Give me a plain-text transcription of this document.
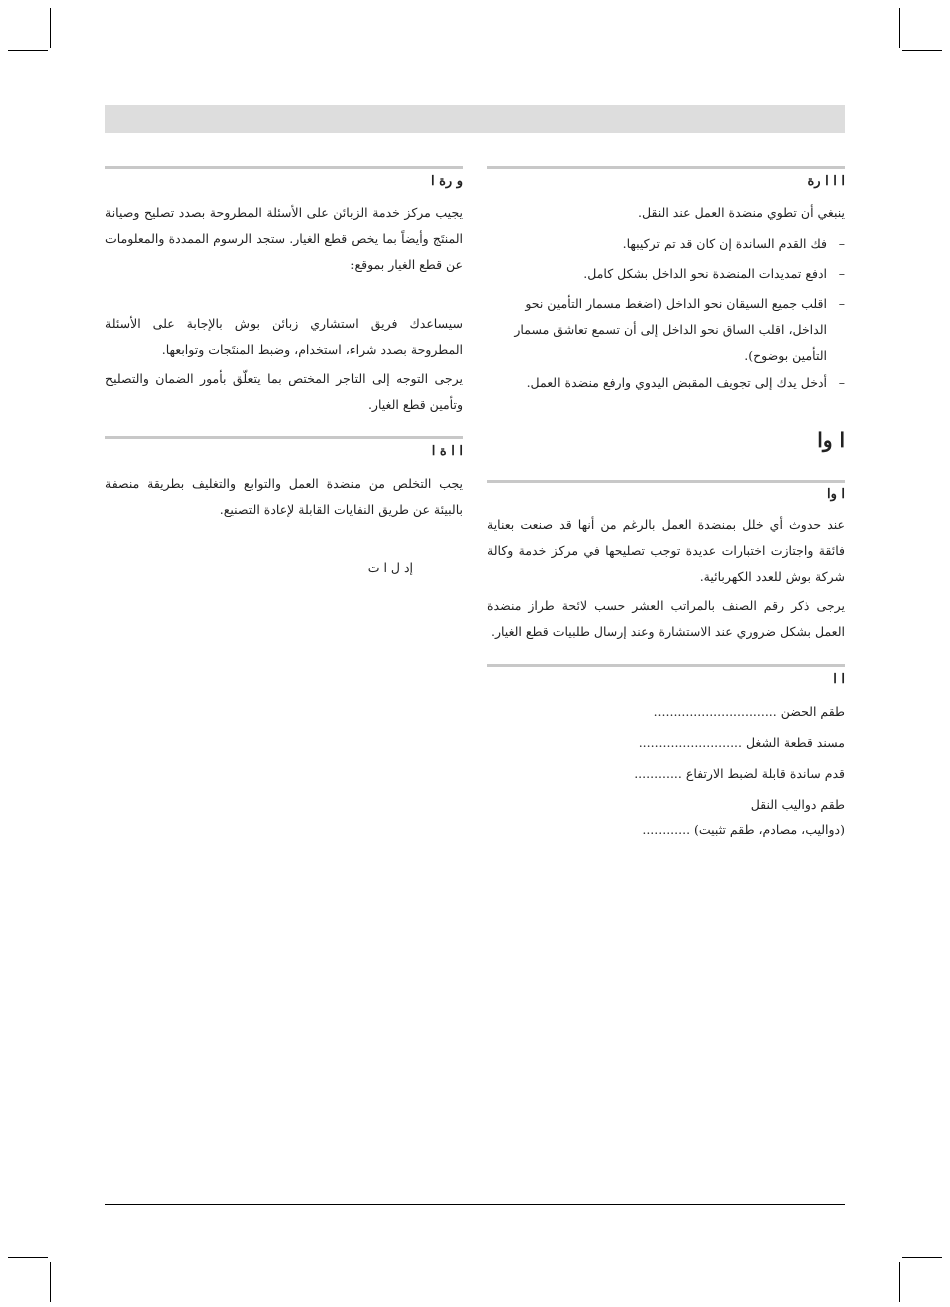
ا ا ا رة

ينبغي أن تطوي منضدة العمل عند النقل.

– فك القدم الساندة إن كان قد تم تركيبها.
– ادفع تمديدات المنضدة نحو الداخل بشكل كامل.
– اقلب جميع السيقان نحو الداخل (اضغط مسمار التأمين نحو الداخل، اقلب الساق نحو الداخل إلى أن تسمع تعاشق مسمار التأمين بوضوح).
– أدخل يدك إلى تجويف المقبض اليدوي وارفع منضدة العمل.
ا وا
ا وا

عند حدوث أي خلل بمنضدة العمل بالرغم من أنها قد صنعت بعناية فائقة واجتازت اختبارات عديدة توجب تصليحها في مركز خدمة وكالة شركة بوش للعدد الكهربائية.

يرجى ذكر رقم الصنف بالمراتب العشر حسب لائحة طراز منضدة العمل بشكل ضروري عند الاستشارة وعند إرسال طلبيات قطع الغيار.

ا ا
طقم الحضن ...............................
مسند قطعة الشغل ..........................
قدم ساندة قابلة لضبط الارتفاع ............
طقم دواليب النقل
(دواليب، مصادم، طقم تثبيت) ............
و رة ا

يجيب مركز خدمة الزبائن على الأسئلة المطروحة بصدد تصليح وصيانة المنتَج وأيضاً بما يخص قطع الغيار. ستجد الرسوم الممددة والمعلومات عن قطع الغيار بموقع:

سيساعدك فريق استشاري زبائن بوش بالإجابة على الأسئلة المطروحة بصدد شراء، استخدام، وضبط المنتَجات وتوابعها.

يرجى التوجه إلى التاجر المختص بما يتعلّق بأمور الضمان والتصليح وتأمين قطع الغيار.

ا ا ة ا

يجب التخلص من منضدة العمل والتوابع والتغليف بطريقة منصفة بالبيئة عن طريق النفايات القابلة لإعادة التصنيع.

إد ل ا ت
